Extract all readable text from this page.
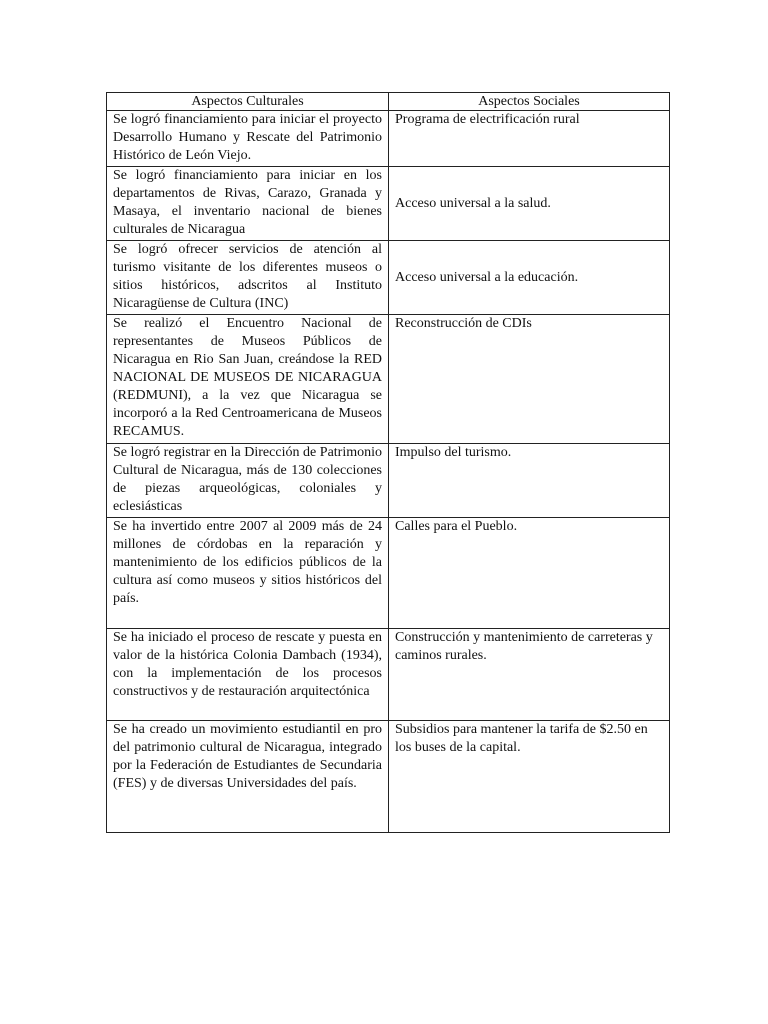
Aspectos Culturales	Aspectos Sociales
Se logró financiamiento para iniciar el proyecto Desarrollo Humano y Rescate del Patrimonio Histórico de León Viejo.	Programa de electrificación rural
Se logró financiamiento para iniciar en los departamentos de Rivas, Carazo, Granada y Masaya, el inventario nacional de bienes culturales de Nicaragua	Acceso universal a la salud.
Se logró ofrecer servicios de atención al turismo visitante de los diferentes museos o sitios históricos, adscritos al Instituto Nicaragüense de Cultura (INC)	Acceso universal a la educación.
Se realizó el Encuentro Nacional de representantes de Museos Públicos de Nicaragua en Rio San Juan, creándose la RED NACIONAL DE MUSEOS DE NICARAGUA (REDMUNI), a la vez que Nicaragua se incorporó a la Red Centroamericana de Museos RECAMUS.	Reconstrucción de CDIs
Se logró registrar en la Dirección de Patrimonio Cultural de Nicaragua, más de 130 colecciones de piezas arqueológicas, coloniales y eclesiásticas	Impulso del turismo.
Se ha invertido entre 2007 al 2009 más de 24 millones de córdobas en la reparación y mantenimiento de los edificios públicos de la cultura así como museos y sitios históricos del país.	Calles para el Pueblo.
Se ha iniciado el proceso de rescate y puesta en valor de la histórica Colonia Dambach (1934), con la implementación de los procesos constructivos y de restauración arquitectónica	Construcción y mantenimiento de carreteras y caminos rurales.
Se ha creado un movimiento estudiantil en pro del patrimonio cultural de Nicaragua, integrado por la Federación de Estudiantes de Secundaria (FES) y de diversas Universidades del país.	Subsidios para mantener la tarifa de $2.50 en los buses de la capital.
